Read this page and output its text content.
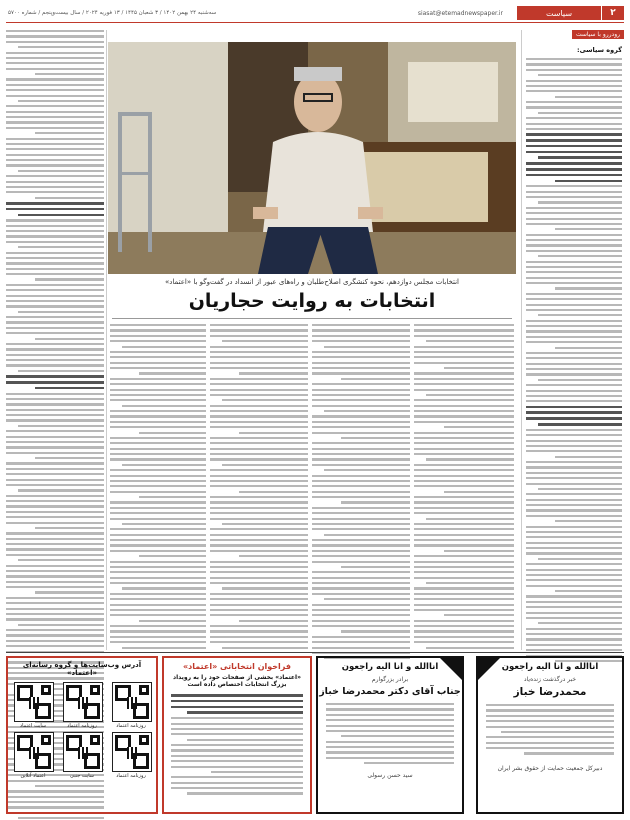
۲
سیاست
siasat@etemadnewspaper.ir
سه‌شنبه ۲۴ بهمن ۱۴۰۲ / ۳ شعبان ۱۴۴۵ / ۱۳ فوریه ۲۰۲۴ / سال بیست‌وپنجم / شماره ۵۷۰۰
رودررو با سیاست
گروه سیاسی:
انتخابات مجلس دوازدهم، نحوه کنشگری اصلاح‌طلبان و راه‌های عبور از انسداد در گفت‌وگو با «اعتماد»
انتخابات به روایت حجاریان
اناالله و انا الیه راجعون
خبر درگذشت زنده‌یاد
محمدرضا خباز
دبیرکل جمعیت حمایت از حقوق بشر ایران
اناالله و انا الیه راجعون
برادر بزرگوارم
جناب آقای دکتر محمدرضا خباز
سید حسن رسولی
فراخوان انتخاباتی «اعتماد»
«اعتماد» بخشی از صفحات خود را به رویداد بزرگ انتخابات اختصاص داده است
آدرس وب‌سایت‌ها و گروه رسانه‌ای «اعتماد»
روزنامه اعتماد
روزنامه اعتماد
سایت اعتماد
روزنامه اعتماد
سایت جنبی
اعتماد آنلاین
